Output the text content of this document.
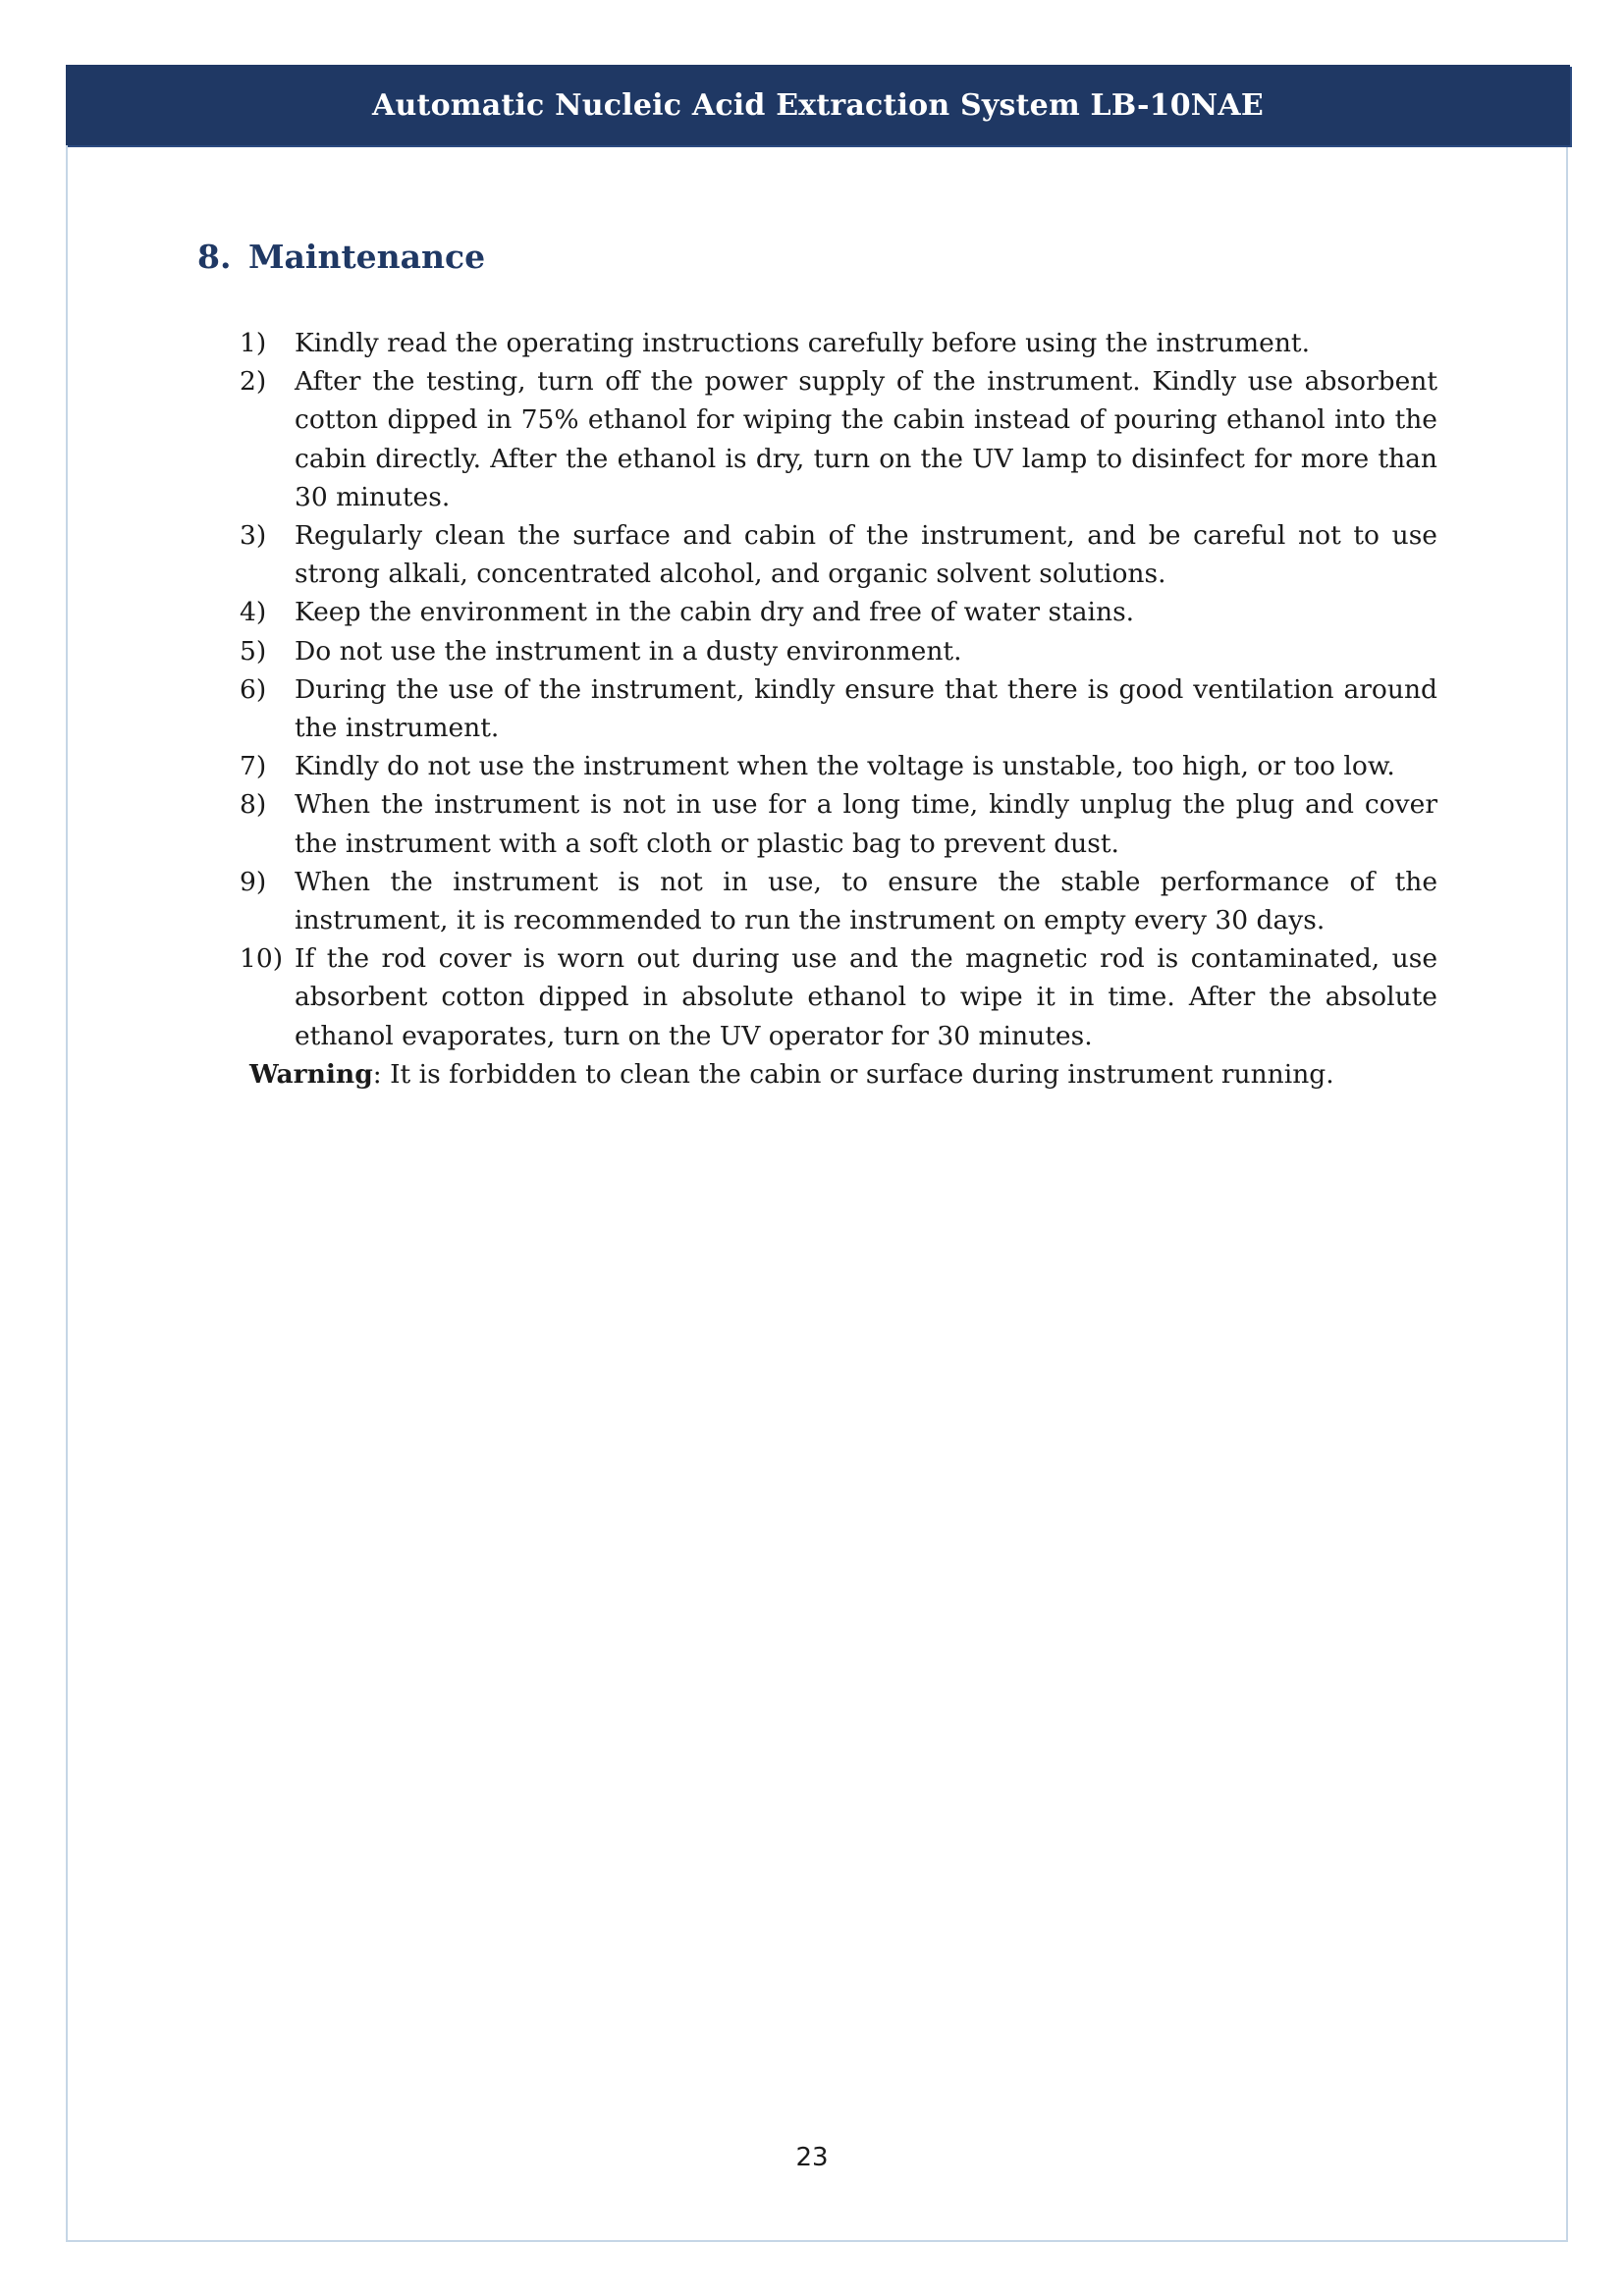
Automatic Nucleic Acid Extraction System LB-10NAE
8. Maintenance
1)	Kindly read the operating instructions carefully before using the instrument.
2)	After the testing, turn off the power supply of the instrument. Kindly use absorbent cotton dipped in 75% ethanol for wiping the cabin instead of pouring ethanol into the cabin directly. After the ethanol is dry, turn on the UV lamp to disinfect for more than 30 minutes.
3)	Regularly clean the surface and cabin of the instrument, and be careful not to use strong alkali, concentrated alcohol, and organic solvent solutions.
4)	Keep the environment in the cabin dry and free of water stains.
5)	Do not use the instrument in a dusty environment.
6)	During the use of the instrument, kindly ensure that there is good ventilation around the instrument.
7)	Kindly do not use the instrument when the voltage is unstable, too high, or too low.
8)	When the instrument is not in use for a long time, kindly unplug the plug and cover the instrument with a soft cloth or plastic bag to prevent dust.
9)	When the instrument is not in use, to ensure the stable performance of the instrument, it is recommended to run the instrument on empty every 30 days.
10) If the rod cover is worn out during use and the magnetic rod is contaminated, use absorbent cotton dipped in absolute ethanol to wipe it in time. After the absolute ethanol evaporates, turn on the UV operator for 30 minutes.

Warning: It is forbidden to clean the cabin or surface during instrument running.

23
